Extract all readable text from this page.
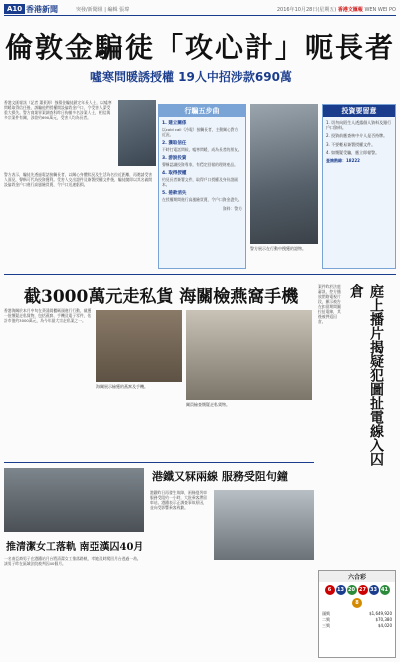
A10 香港新聞	突發/新聞組 | 編輯 張瑋	2016年10月28日(星期五) 香港文匯報 WEN WEI PO
倫敦金騙徒「攻心計」呃長者
噓寒問暖誘授權 19人中招涉款690萬
香港文匯報訊（記者 蕭景源）強積金騙徒鎖定年長人士，以噓寒問暖取得信任後，誘騙他們授權開設倫敦金戶口，令受害人蒙受重大損失。警方商業罪案調查科昨日拘捕多名涉案人士，相信與多宗案件有關，涉款約690萬元，受害人均為長者。
警方表示，騙徒先透過電話接觸長者，以關心身體狀況及生活為名拉近距離，再邀請受害人面見，聲稱可代為投資獲利。受害人交出證件及簽署授權文件後，騙徒隨即以其名義開設倫敦金戶口進行高風險買賣，令戶口迅速虧損。
警方展示在行動中搜獲的證物。
行騙五步曲
1. 建立關係
以cold call（冷電）接觸長者，主動關心對方近況。
2. 獲取信任
不時打電話問候，噓寒問暖，成為長者的朋友。
3. 游說投資
聲稱認識投資專家，有穩定回報的理財產品。
4. 取得授權
約見長者簽署文件，取得戶口授權及身份證副本。
5. 捲款消失
在授權期間進行高風險買賣，令戶口資金盡失。
資料：警方
投資要留意
1. 切勿向陌生人透露個人資料及銀行戶口資料。
2. 投資前應查核中介人是否持牌。
3. 不要輕易簽署授權文件。
4. 如懷疑受騙，應立即報警。
查詢熱線：18222
截3000萬元走私貨 海關檢燕窩手機
香港海關於本月中旬在葵涌貨櫃碼頭進行行動，截獲一批懷疑走私貨物，包括燕窩、手機及電子零件，估計市值約3000萬元，為今年最大宗走私案之一。
海關展示檢獲的燕窩及手機。
關員檢查懷疑走私貨物。	庭上播片揭疑犯圖扯電線入囚倉
案件昨於法庭審訊，控方播放閉路電視片段，顯示被告在扣留期間圖拉扯電線，其後被押返囚倉。
推清潔女工落軌 南亞漢囚40月
一名南亞裔男子在港鐵站月台將清潔女工推落路軌，幸她及時爬回月台逃過一劫。該男子昨在區域法院被判囚40個月。
港鐵又冧兩線 服務受阻句鐘
港鐵昨日再發生故障，兩條綫列車服務受阻約一小時，大批乘客滯留車站。港鐵表示正調查事故原因，並向受影響乘客致歉。
六合彩
6	13 20 27 33 41
8
頭獎	$1,649,920
二獎	$70,380
三獎	$4,020
